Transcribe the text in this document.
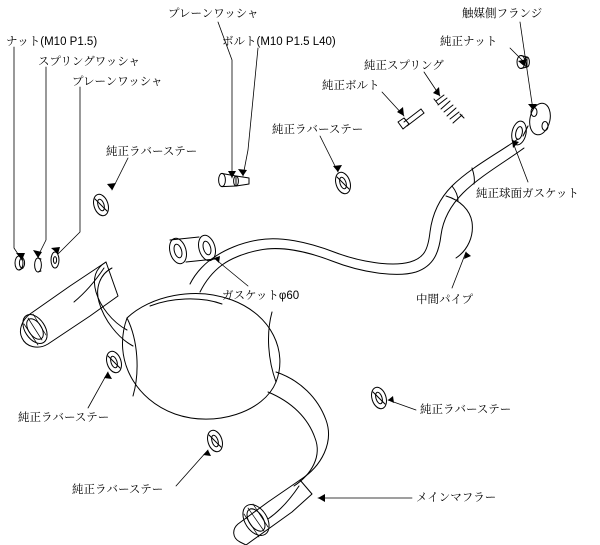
ナット(M10 P1.5)
スプリングワッシャ
プレーンワッシャ
プレーンワッシャ
ボルト(M10 P1.5 L40)
純正ラバーステー
純正ラバーステー
純正ボルト
純正スプリング
触媒側フランジ
純正ナット
純正球面ガスケット
ガスケットφ60	中間パイプ
純正ラバーステー
純正ラバーステー
純正ラバーステー
メインマフラー
